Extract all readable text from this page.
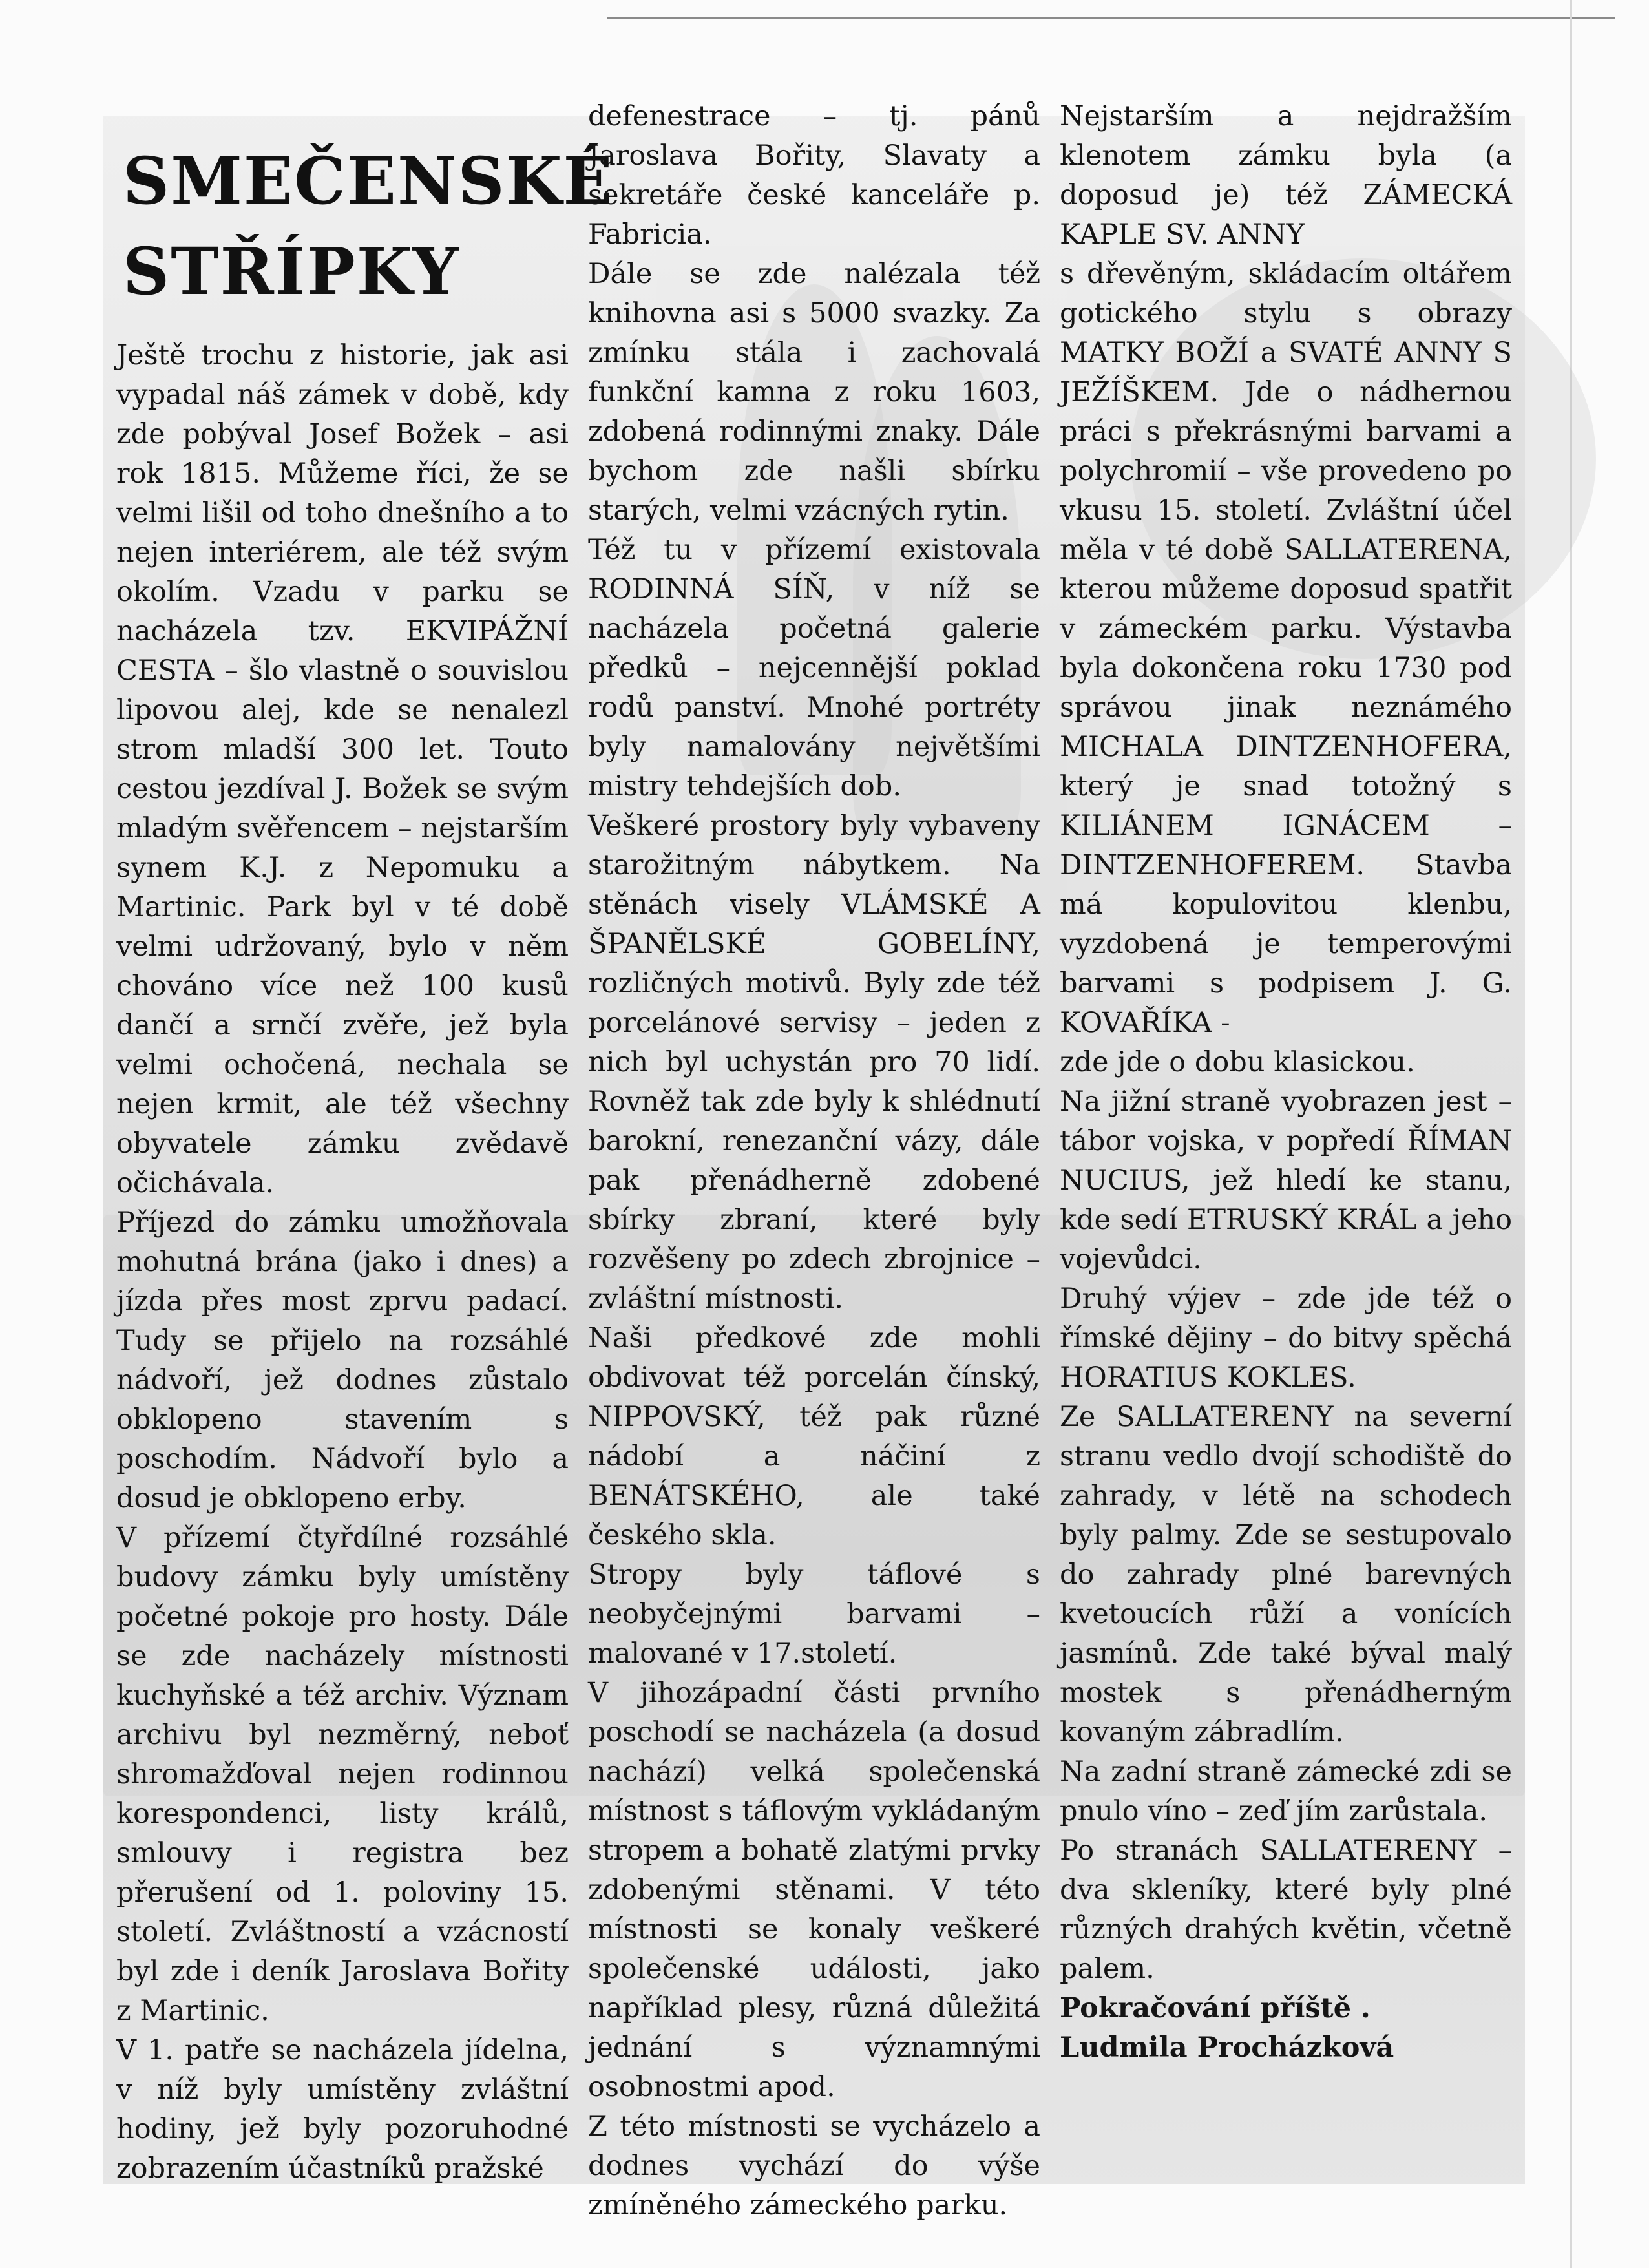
SMEČENSKÉ
STŘÍPKY

Ještě trochu z historie, jak asi vypadal náš zámek v době, kdy zde pobýval Josef Božek – asi rok 1815. Můžeme říci, že se velmi lišil od toho dnešního a to nejen interiérem, ale též svým okolím. Vzadu v parku se nacházela tzv. EKVIPÁŽNÍ CESTA – šlo vlastně o souvislou lipovou alej, kde se nenalezl strom mladší 300 let. Touto cestou jezdíval J. Božek se svým mladým svěřencem – nejstarším synem K.J. z Nepomuku a Martinic. Park byl v té době velmi udržovaný, bylo v něm chováno více než 100 kusů dančí a srnčí zvěře, jež byla velmi ochočená, nechala se nejen krmit, ale též všechny obyvatele zámku zvědavě očichávala.

Příjezd do zámku umožňovala mohutná brána (jako i dnes) a jízda přes most zprvu padací. Tudy se přijelo na rozsáhlé nádvoří, jež dodnes zůstalo obklopeno stavením s poschodím. Nádvoří bylo a dosud je obklopeno erby.

V přízemí čtyřdílné rozsáhlé budovy zámku byly umístěny početné pokoje pro hosty. Dále se zde nacházely místnosti kuchyňské a též archiv. Význam archivu byl nezměrný, neboť shromažďoval nejen rodinnou korespondenci, listy králů, smlouvy i registra bez přerušení od 1. poloviny 15. století. Zvláštností a vzácností byl zde i deník Jaroslava Bořity z Martinic.

V 1. patře se nacházela jídelna, v níž byly umístěny zvláštní hodiny, jež byly pozoruhodné zobrazením účastníků pražské

defenestrace – tj. pánů Jaroslava Bořity, Slavaty a sekretáře české kanceláře p. Fabricia.

Dále se zde nalézala též knihovna asi s 5000 svazky. Za zmínku stála i zachovalá funkční kamna z roku 1603, zdobená rodinnými znaky. Dále bychom zde našli sbírku starých, velmi vzácných rytin.

Též tu v přízemí existovala RODINNÁ SÍŇ, v níž se nacházela početná galerie předků – nejcennější poklad rodů panství. Mnohé portréty byly namalovány největšími mistry tehdejších dob.

Veškeré prostory byly vybaveny starožitným nábytkem. Na stěnách visely VLÁMSKÉ A ŠPANĚLSKÉ GOBELÍNY, rozličných motivů. Byly zde též porcelánové servisy – jeden z nich byl uchystán pro 70 lidí. Rovněž tak zde byly k shlédnutí barokní, renezanční vázy, dále pak přenádherně zdobené sbírky zbraní, které byly rozvěšeny po zdech zbrojnice – zvláštní místnosti.

Naši předkové zde mohli obdivovat též porcelán čínský, NIPPOVSKÝ, též pak různé nádobí a náčiní z BENÁTSKÉHO, ale také českého skla.

Stropy byly táflové s neobyčejnými barvami – malované v 17.století.

V jihozápadní části prvního poschodí se nacházela (a dosud nachází) velká společenská místnost s táflovým vykládaným stropem a bohatě zlatými prvky zdobenými stěnami. V této místnosti se konaly veškeré společenské události, jako například plesy, různá důležitá jednání s významnými osobnostmi apod.

Z této místnosti se vycházelo a dodnes vychází do výše zmíněného zámeckého parku.

Nejstarším a nejdražším klenotem zámku byla (a doposud je) též ZÁMECKÁ KAPLE SV. ANNY

s dřevěným, skládacím oltářem gotického stylu s obrazy MATKY BOŽÍ a SVATÉ ANNY S JEŽÍŠKEM. Jde o nádhernou práci s překrásnými barvami a polychromií – vše provedeno po vkusu 15. století. Zvláštní účel měla v té době SALLATERENA, kterou můžeme doposud spatřit v zámeckém parku. Výstavba byla dokončena roku 1730 pod správou jinak neznámého MICHALA DINTZENHOFERA, který je snad totožný s KILIÁNEM IGNÁCEM – DINTZENHOFEREM. Stavba má kopulovitou klenbu, vyzdobená je temperovými barvami s podpisem J. G. KOVAŘÍKA -

zde jde o dobu klasickou.

Na jižní straně vyobrazen jest – tábor vojska, v popředí ŘÍMAN NUCIUS, jež hledí ke stanu, kde sedí ETRUSKÝ KRÁL a jeho vojevůdci.

Druhý výjev – zde jde též o římské dějiny – do bitvy spěchá HORATIUS KOKLES.

Ze SALLATERENY na severní stranu vedlo dvojí schodiště do zahrady, v létě na schodech byly palmy. Zde se sestupovalo do zahrady plné barevných kvetoucích růží a vonících jasmínů. Zde také býval malý mostek s přenádherným kovaným zábradlím.

Na zadní straně zámecké zdi se pnulo víno – zeď jím zarůstala.

Po stranách SALLATERENY – dva skleníky, které byly plné různých drahých květin, včetně palem.

Pokračování příště .

Ludmila Procházková
